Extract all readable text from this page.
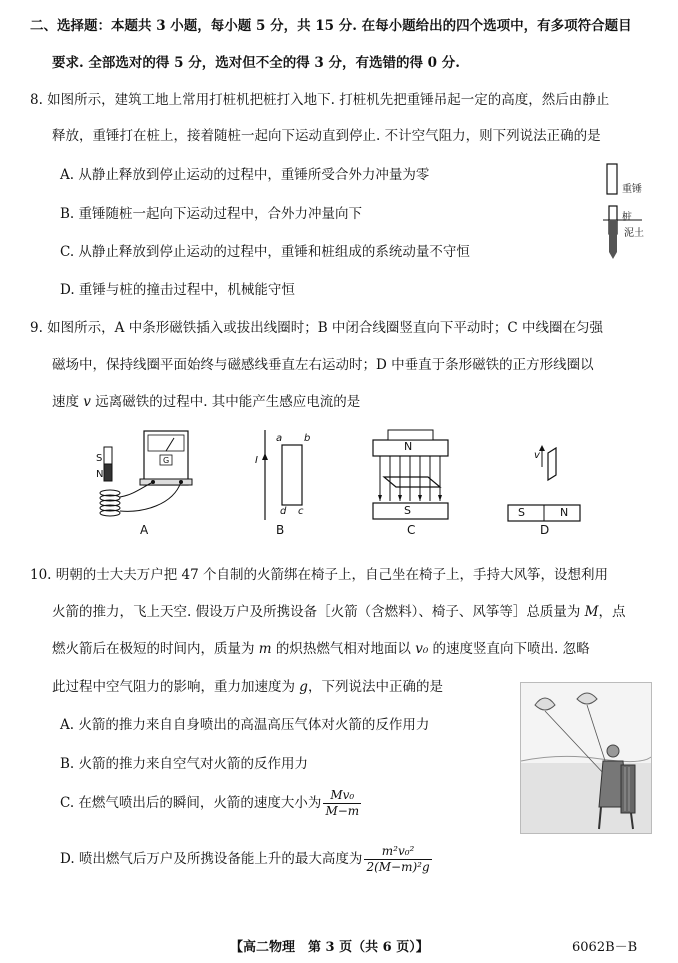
二、选择题：本题共 3 小题，每小题 5 分，共 15 分. 在每小题给出的四个选项中，有多项符合题目
要求. 全部选对的得 5 分，选对但不全的得 3 分，有选错的得 0 分.
8. 如图所示，建筑工地上常用打桩机把桩打入地下. 打桩机先把重锤吊起一定的高度，然后由静止
释放，重锤打在桩上，接着随桩一起向下运动直到停止. 不计空气阻力，则下列说法正确的是
A. 从静止释放到停止运动的过程中，重锤所受合外力冲量为零
B. 重锤随桩一起向下运动过程中，合外力冲量向下
C. 从静止释放到停止运动的过程中，重锤和桩组成的系统动量不守恒
D. 重锤与桩的撞击过程中，机械能守恒
重锤
桩
泥土
9. 如图所示，A 中条形磁铁插入或拔出线圈时；B 中闭合线圈竖直向下平动时；C 中线圈在匀强
磁场中，保持线圈平面始终与磁感线垂直左右运动时；D 中垂直于条形磁铁的正方形线圈以
速度 v 远离磁铁的过程中. 其中能产生感应电流的是
S
N
G
A
I
a b
d c
B
N
S
C
v
S	N
D
10. 明朝的士大夫万户把 47 个自制的火箭绑在椅子上，自己坐在椅子上，手持大风筝，设想利用
火箭的推力，飞上天空. 假设万户及所携设备［火箭（含燃料）、椅子、风筝等］总质量为 M，点
燃火箭后在极短的时间内，质量为 m 的炽热燃气相对地面以 v₀ 的速度竖直向下喷出. 忽略
此过程中空气阻力的影响，重力加速度为 g，下列说法中正确的是
A. 火箭的推力来自自身喷出的高温高压气体对火箭的反作用力
B. 火箭的推力来自空气对火箭的反作用力
C. 在燃气喷出后的瞬间，火箭的速度大小为 $\frac{\text{Mv₀}}{M-m}$
D. 喷出燃气后万户及所携设备能上升的最大高度为 $\frac{\text{m²v₀²}}{\text{2(M−m)²g}}$
【高二物理　第 3 页（共 6 页）】	6062B－B
